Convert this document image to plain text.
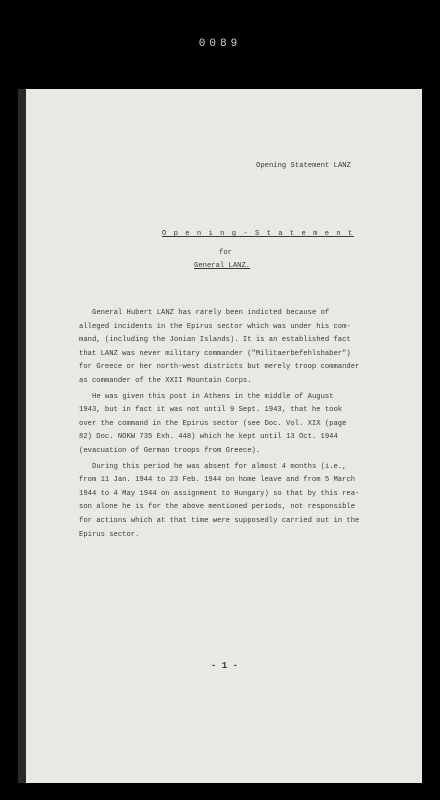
0089
Opening Statement LANZ
O p e n i n g - S t a t e m e n t
for
General LANZ.
General Hubert LANZ has rarely been indicted because of
alleged incidents in the Epirus sector which was under his com-
mand, (including the Jonian Islands). It is an established fact
that LANZ was never military commander ("Militaerbefehlshaber")
for Greece or her north-west districts but merely troop commander
as commander of the XXII Mountain Corps.
He was given this post in Athens in the middle of August
1943, but in fact it was not until 9 Sept. 1943, that he took
over the command in the Epirus sector (see Doc. Vol. XIX (page
82) Doc. NOKW 735 Exh. 448) which he kept until 13 Oct. 1944
(evacuation of German troops from Greece).
During this period he was absent for almost 4 months (i.e.,
from 11 Jan. 1944 to 23 Feb. 1944 on home leave and from 5 March
1944 to 4 May 1944 on assignment to Hungary) so that by this rea-
son alone he is for the above mentioned periods, not responsible
for actions which at that time were supposedly carried out in the
Epirus sector.
- 1 -
